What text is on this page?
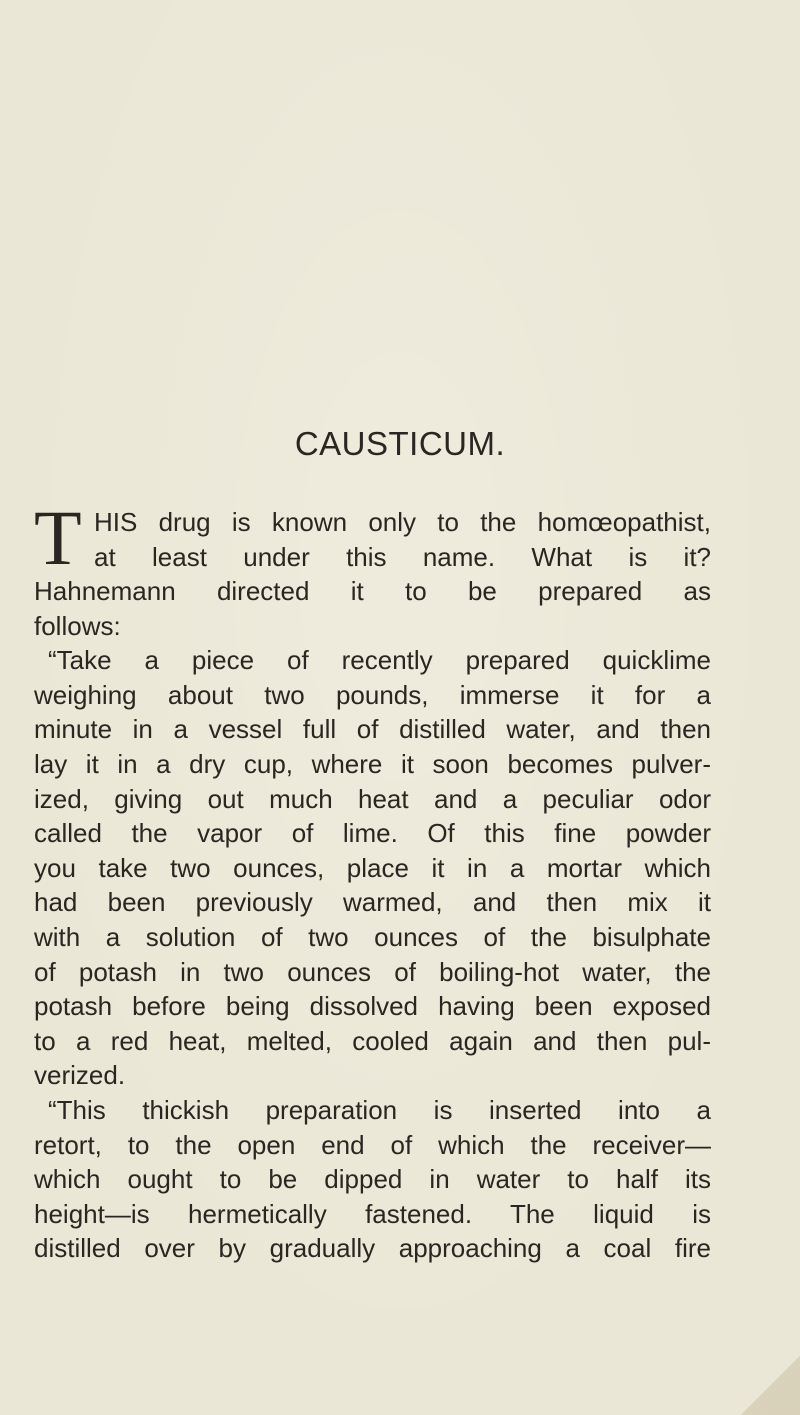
CAUSTICUM.
T HIS drug is known only to the homœopathist,
at least under this name. What is it?
Hahnemann directed it to be prepared as
follows:
“Take a piece of recently prepared quicklime
weighing about two pounds, immerse it for a
minute in a vessel full of distilled water, and then
lay it in a dry cup, where it soon becomes pulver-
ized, giving out much heat and a peculiar odor
called the vapor of lime. Of this fine powder
you take two ounces, place it in a mortar which
had been previously warmed, and then mix it
with a solution of two ounces of the bisulphate
of potash in two ounces of boiling-hot water, the
potash before being dissolved having been exposed
to a red heat, melted, cooled again and then pul-
verized.
“This thickish preparation is inserted into a
retort, to the open end of which the receiver—
which ought to be dipped in water to half its
height—is hermetically fastened. The liquid is
distilled over by gradually approaching a coal fire
